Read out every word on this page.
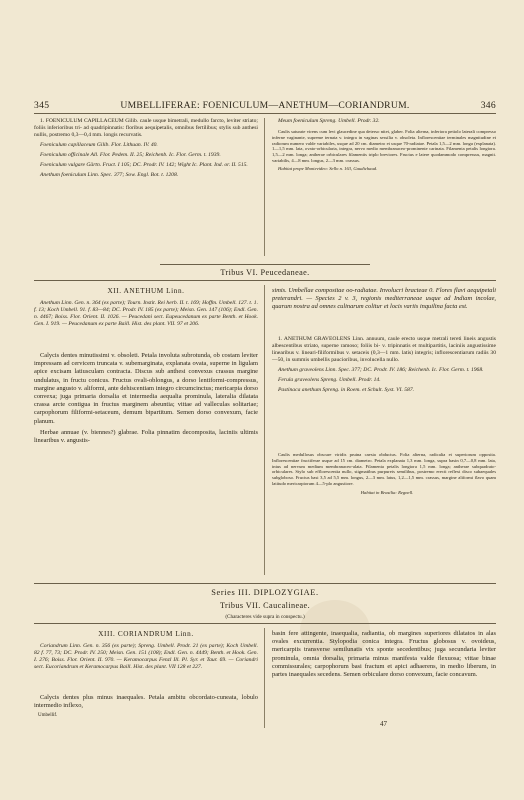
345	UMBELLIFERAE: FOENICULUM—ANETHUM—CORIANDRUM.	346

1. FOENICULUM CAPILLACEUM Gilib. caule usque bimetrali, medullo farcto, leviter striato; foliis inferioribus tri- ad quadripinnatis: floribus aequipetalis, omnibus fertilibus; stylis sub anthesi nullis, postremo 0,3—0,4 mm. longis recurvatis.

Foeniculum capillaceum Gilib. Flor. Lithuan. IV. 40.

Foeniculum officinale All. Flor. Pedem. II. 25; Reichenb. Ic. Flor. Germ. t. 1939.

Foeniculum vulgare Gärtn. Fruct. I 105; DC. Prodr. IV. 142; Wight Ic. Plant. Ind. or. II. 515.

Anethum foeniculum Linn. Spec. 377; Sow. Engl. Bot. t. 1208.

Meum foeniculum Spreng. Umbell. Prodr. 32.

Caulis saturate virens cum levi glaucedine qua deterso nitet, glaber. Folia alterna, inferiora petiolo laterali compresso inferne vaginante, supreme ternata v. integra in vaginas sessilia v. obsoleta. Inflorescentiae terminales magnitudine et radiorum numero valde variabiles, usque ad 20 cm. diametro et usque 70-radiatae. Petala 1,5—2 mm. longa (explanata). 1—1,5 mm. lata, ovato-orbicularia, integra, nervo medio membranaceo-prominente carinata. Filamenta petalis longiora. 1,5—2 mm. longa; antherae orbiculares filamentis triplo breviores. Fructus e latere quodammodo compressus, magnit. variabilis, 4—8 mm. longus, 2—3 mm. crassus.

Habitat prope Montevideo: Sello n. 163, Gaudichaud.

Tribus VI. Peucedaneae.
XII. ANETHUM Linn.

Anethum Linn. Gen. n. 364 (ex parte); Tourn. Instit. Rei herb. II. t. 169; Hoffm. Umbell. 127. t. 1. f. 13; Koch Umbell. 91. f. 83—84; DC. Prodr. IV. 185 (ex parte); Meisn. Gen. 147 (106); Endl. Gen. n. 4467; Boiss. Flor. Orient. II. 1026. — Peucedani sect. Eupeucedanum ex parte Benth. et Hook. Gen. I. 919. — Peucedanum ex parte Baill. Hist. des plant. VII. 97 et 206.

Calycis dentes minutissimi v. obsoleti. Petala involuta subrotunda, ob costam leviter impressam ad cervicem truncata v. subemarginata, explanata ovata, superne in ligulam apice excisam latiusculam contracta. Discus sub anthesi convexus crassus margine undulatus, in fructu conicus. Fructus ovali-oblongus, a dorso lentiformi-compressus, margine angusto v. aliformi, ante dehiscentiam integro circumcinctus; mericarpia dorso convexa; juga primaria dorsalia et intermedia aequalia prominula, lateralia dilatata crassa arcte contigua in fructus marginem abeuntia; vittae ad valleculas solitariae; carpophorum filiformi-setaceum, demum bipartitum. Semen dorso convexum, facie planum.

Herbae annuae (v. biennes?) glabrae. Folia pinnatim decomposita, laciniis ultimis linearibus v. angustis-

simis. Umbellae compositae oo-radiatae. Involucri bracteae 0. Flores flavi aequipetali preterandri. — Species 2 v. 3, regionis mediterraneae usque ad Indiam incolae, quarum nostra ad omnes culinarum colitur et locis variis inquilina facta est.

1. ANETHUM GRAVEOLENS Linn. annuum, caule erecto usque metrali tereti lineis angustis albescentibus striato, superne ramoso; foliis bi- v. tripinnatis et multipartitis, laciniis angustissime linearibus v. lineari-filiformibus v. setaceis (0,3—1 mm. latis) integris; inflorescentiarum radiis 30—50, in summis umbellis paucioribus, involucella nullo.

Anethum graveolens Linn. Spec. 377; DC. Prodr. IV. 186; Reichenb. Ic. Flor. Germ. t. 1968.

Ferula graveolens Spreng. Umbell. Prodr. 14.

Pastinaca anethum Spreng. in Roem. et Schult. Syst. VI. 587.

Caulis medullosus obscure viridis pruina caesia obductus. Folia alterna, radicalia et superiorum opposita. Inflorescentiae fructiferae usque ad 15 cm. diametro. Petala explanata 1,3 mm. longa, supra basin 0,7—0,8 mm. lata, intus ad nervum medium membranaceo-alata. Filamenta petalis longiora 1,5 mm. longa; antherae subquadrato-orbiculares. Stylo sub efflorescentia nullo, stigmatibus purpureis semilibus, postremo erecti reflexi disco subaequales subgloboso. Fructus basi 3,5 ad 5,5 mm. longus, 2—3 mm. latus, 1,2—1,5 mm. crassus, margine aliformi flavo quam latitudo mericarpiorum 4—5-plo angustiore.

Habitat in Brasilia: Regnell.

Series III. DIPLOZYGIAE.
Tribus VII. Caucalineae.
(Characteres vide supra in conspectu.)
XIII. CORIANDRUM Linn.

Coriandrum Linn. Gen. n. 356 (ex parte); Spreng. Umbell. Prodr. 21 (ex parte); Koch Umbell. 82 f. 77, 73; DC. Prodr. IV. 250; Meisn. Gen. 151 (108); Endl. Gen. n. 4449; Benth. et Hook. Gen. I. 276; Boiss. Flor. Orient. II. 970. — Keramocarpus Fenzl Ill. Pl. Syr. et Taur. 69. — Coriandri sect. Eucoriandrum et Keramocarpus Baill. Hist. des plant. VII 128 et 227.

Calycis dentes plus minus inaequales. Petala ambitu obcordato-cuneata, lobulo intermedio inflexo,

basin fere attingente, inaequalia, radiantia, ob margines superiores dilatatos in alas ovales excurrentia. Stylopodia conica integra. Fructus globosus v. ovoideus, mericarpiis transverse semilunatis vix sponte secedentibus; juga secundaria leviter prominula, omnia dorsalia, primaria minus manifesta valde flexuosa; vittae binae commissurales; carpophorum basi fractum et apici adhaerens, in medio liberum, in partes inaequales secedens. Semen orbiculare dorso convexum, facie concavum.

Umbellif.
47
